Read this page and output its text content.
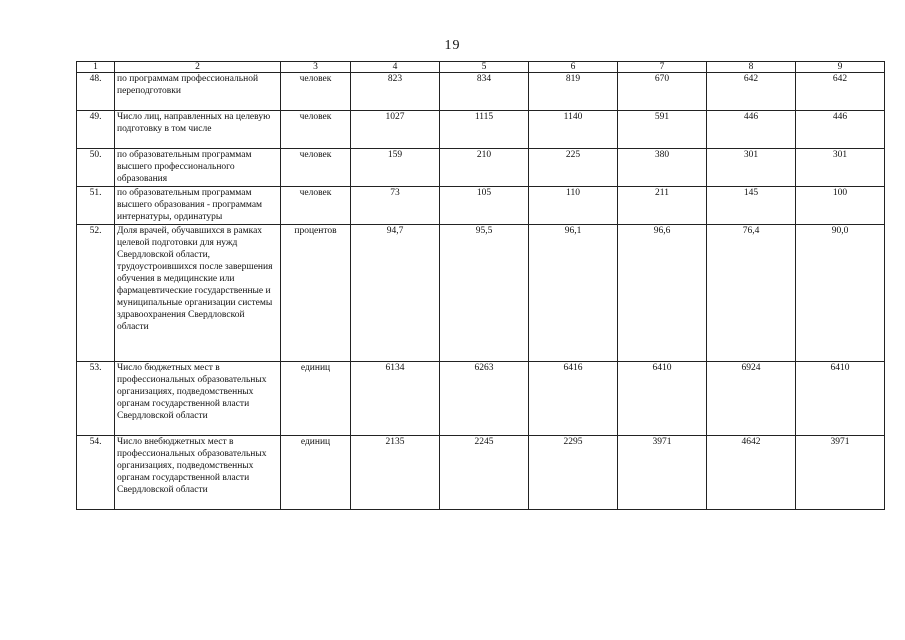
19
1	2	3	4	5	6	7	8	9
48.	по программам профессиональной переподготовки	человек	823	834	819	670	642	642
49.	Число лиц, направленных на целевую подготовку в том числе	человек	1027	1115	1140	591	446	446
50.	по образовательным программам высшего профессионального образования	человек	159	210	225	380	301	301
51.	по образовательным программам высшего образования - программам интернатуры, ординатуры	человек	73	105	110	211	145	100
52.	Доля врачей, обучавшихся в рамках целевой подготовки для нужд Свердловской области, трудоустроившихся после завершения обучения в медицинские или фармацевтические государственные и муниципальные организации системы здравоохранения Свердловской области	процентов	94,7	95,5	96,1	96,6	76,4	90,0
53.	Число бюджетных мест в профессиональных образовательных организациях, подведомственных органам государственной власти Свердловской области	единиц	6134	6263	6416	6410	6924	6410
54.	Число внебюджетных мест в профессиональных образовательных организациях, подведомственных органам государственной власти Свердловской области	единиц	2135	2245	2295	3971	4642	3971
